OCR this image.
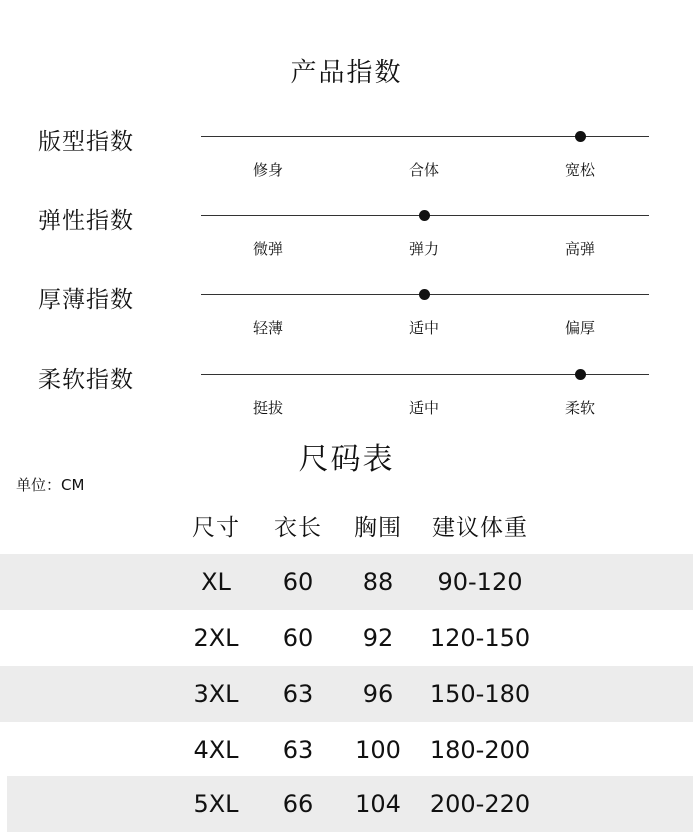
产品指数
版型指数
修身	合体	宽松
弹性指数
微弹	弹力	高弹
厚薄指数
轻薄	适中	偏厚
柔软指数
挺拔	适中	柔软
尺码表
单位：CM
尺寸	衣长	胸围	建议体重
XL	60	88	90-120
2XL	60	92	120-150
3XL	63	96	150-180
4XL	63	100	180-200
5XL	66	104	200-220
